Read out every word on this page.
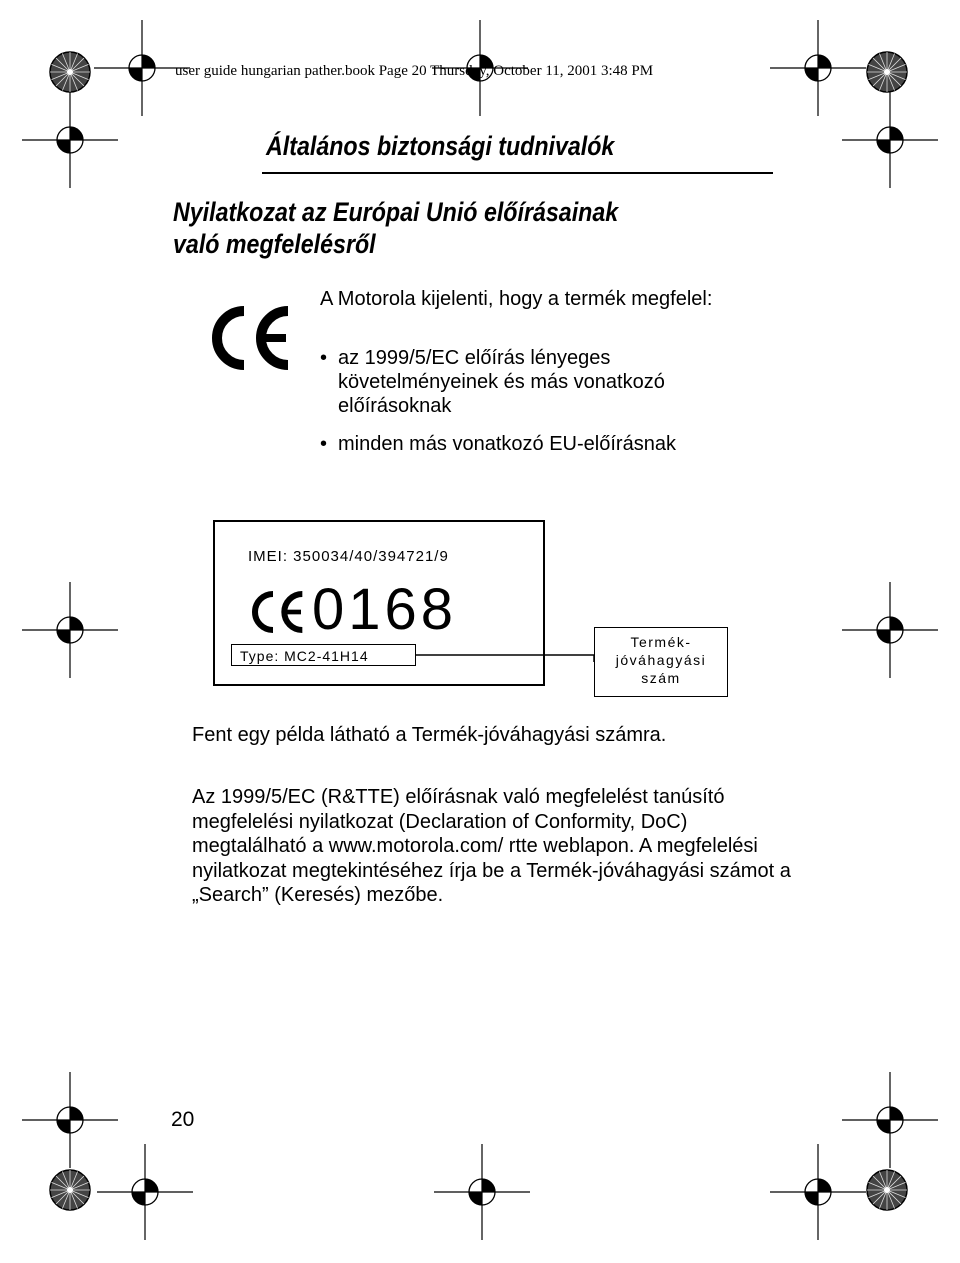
user guide hungarian pather.book Page 20 Thursday, October 11, 2001 3:48 PM
Általános biztonsági tudnivalók
Nyilatkozat az Európai Unió előírásainak
való megfelelésről
A Motorola kijelenti, hogy a termék megfelel:
• az 1999/5/EC előírás lényeges követelményeinek és más vonatkozó előírásoknak
• minden más vonatkozó EU-előírásnak
IMEI: 350034/40/394721/9
0168
Type: MC2-41H14
Termék-
jóváhagyási
szám
Fent egy példa látható a Termék-jóváhagyási számra.
Az 1999/5/EC (R&TTE) előírásnak való megfelelést tanúsító megfelelési nyilatkozat (Declaration of Conformity, DoC) megtalálható a www.motorola.com/ rtte weblapon. A megfelelési nyilatkozat megtekintéséhez írja be a Termék-jóváhagyási számot a „Search” (Keresés) mezőbe.
20
